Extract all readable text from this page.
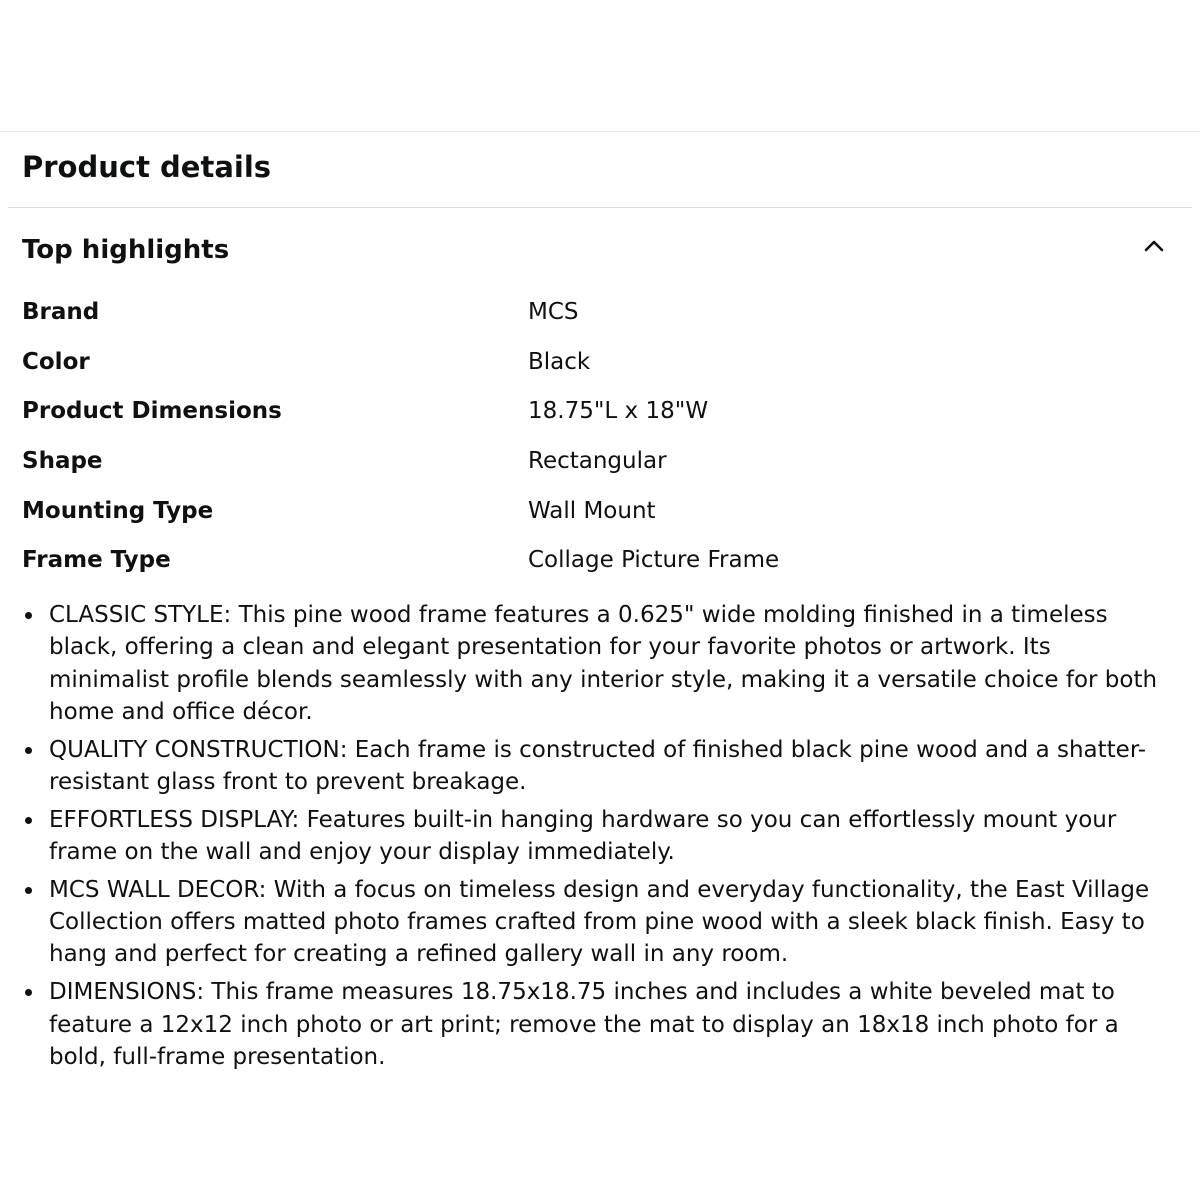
Product details
Top highlights
Brand	MCS
Color	Black
Product Dimensions	18.75"L x 18"W
Shape	Rectangular
Mounting Type	Wall Mount
Frame Type	Collage Picture Frame
CLASSIC STYLE: This pine wood frame features a 0.625" wide molding finished in a timeless black, offering a clean and elegant presentation for your favorite photos or artwork. Its minimalist profile blends seamlessly with any interior style, making it a versatile choice for both home and office décor.
QUALITY CONSTRUCTION: Each frame is constructed of finished black pine wood and a shatter-resistant glass front to prevent breakage.
EFFORTLESS DISPLAY: Features built-in hanging hardware so you can effortlessly mount your frame on the wall and enjoy your display immediately.
MCS WALL DECOR: With a focus on timeless design and everyday functionality, the East Village Collection offers matted photo frames crafted from pine wood with a sleek black finish. Easy to hang and perfect for creating a refined gallery wall in any room.
DIMENSIONS: This frame measures 18.75x18.75 inches and includes a white beveled mat to feature a 12x12 inch photo or art print; remove the mat to display an 18x18 inch photo for a bold, full-frame presentation.
